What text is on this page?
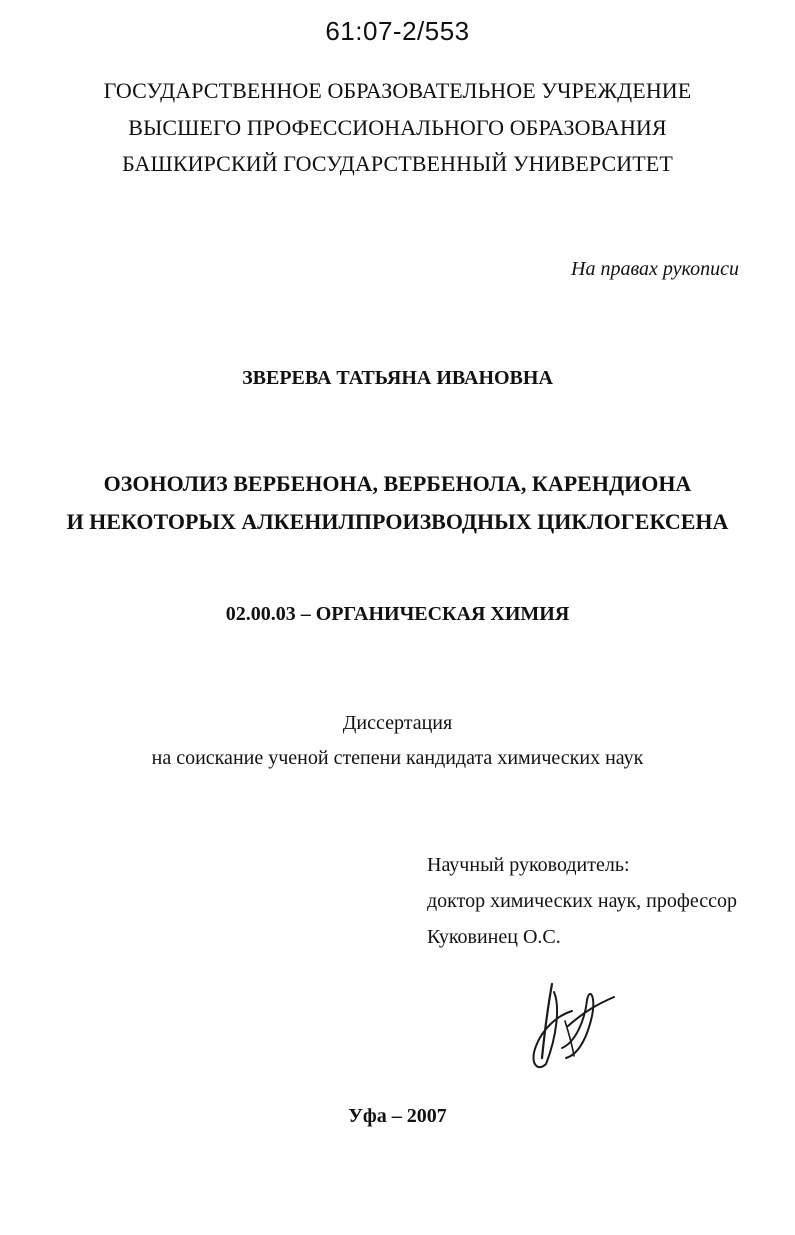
61:07-2/553
ГОСУДАРСТВЕННОЕ ОБРАЗОВАТЕЛЬНОЕ УЧРЕЖДЕНИЕ
ВЫСШЕГО ПРОФЕССИОНАЛЬНОГО ОБРАЗОВАНИЯ
БАШКИРСКИЙ ГОСУДАРСТВЕННЫЙ УНИВЕРСИТЕТ
На правах рукописи
ЗВЕРЕВА ТАТЬЯНА ИВАНОВНА
ОЗОНОЛИЗ ВЕРБЕНОНА, ВЕРБЕНОЛА, КАРЕНДИОНА
И НЕКОТОРЫХ АЛКЕНИЛПРОИЗВОДНЫХ ЦИКЛОГЕКСЕНА
02.00.03 – ОРГАНИЧЕСКАЯ ХИМИЯ
Диссертация
на соискание ученой степени кандидата химических наук
Научный руководитель:
доктор химических наук, профессор
Куковинец О.С.
Уфа – 2007
